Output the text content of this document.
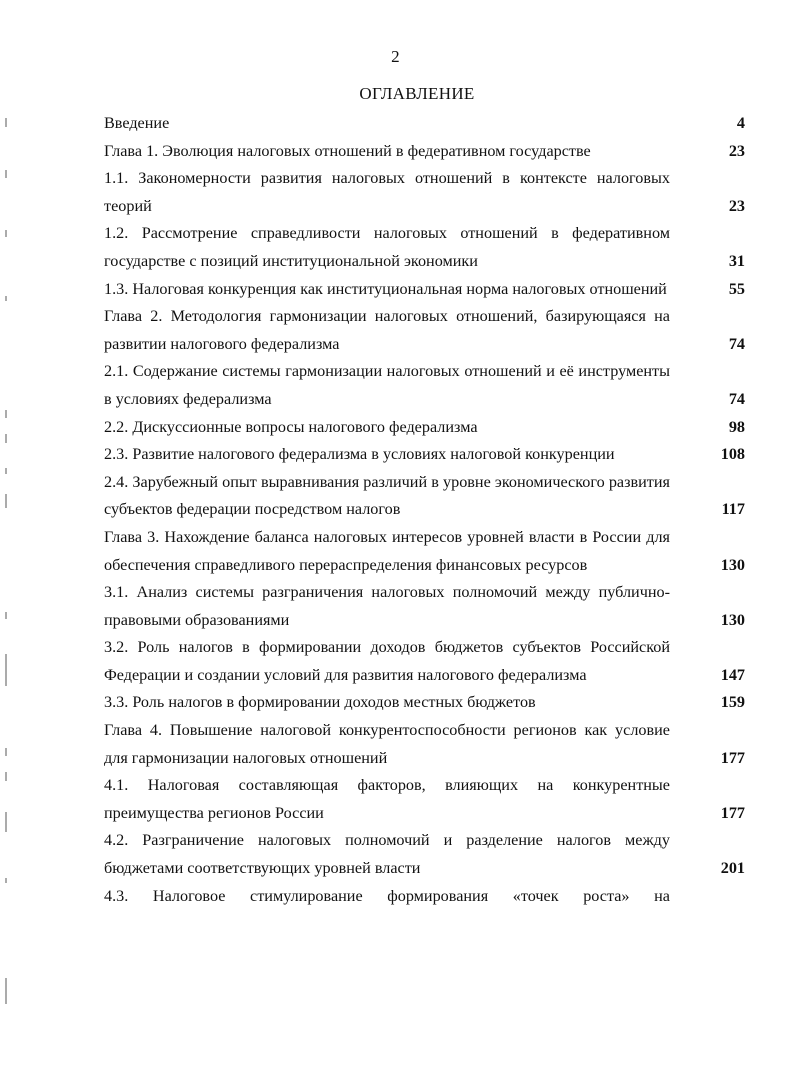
2
ОГЛАВЛЕНИЕ
Введение	4
Глава 1. Эволюция налоговых отношений в федеративном государстве	23
1.1. Закономерности развития налоговых отношений в контексте налоговых теорий	23
1.2. Рассмотрение справедливости налоговых отношений в федеративном государстве с позиций институциональной экономики	31
1.3. Налоговая конкуренция как институциональная норма налоговых отношений	55
Глава 2. Методология гармонизации налоговых отношений, базирующаяся на развитии налогового федерализма	74
2.1. Содержание системы гармонизации налоговых отношений и её инструменты в условиях федерализма	74
2.2. Дискуссионные вопросы налогового федерализма	98
2.3. Развитие налогового федерализма в условиях налоговой конкуренции	108
2.4. Зарубежный опыт выравнивания различий в уровне экономического развития субъектов федерации посредством налогов	117
Глава 3. Нахождение баланса налоговых интересов уровней власти в России для обеспечения справедливого перераспределения финансовых ресурсов	130
3.1. Анализ системы разграничения налоговых полномочий между публично-правовыми образованиями	130
3.2. Роль налогов в формировании доходов бюджетов субъектов Российской Федерации и создании условий для развития налогового федерализма	147
3.3. Роль налогов в формировании доходов местных бюджетов	159
Глава 4. Повышение налоговой конкурентоспособности регионов как условие для гармонизации налоговых отношений	177
4.1. Налоговая составляющая факторов, влияющих на конкурентные преимущества регионов России	177
4.2. Разграничение налоговых полномочий и разделение налогов между бюджетами соответствующих уровней власти	201
4.3. Налоговое стимулирование формирования «точек роста» на
